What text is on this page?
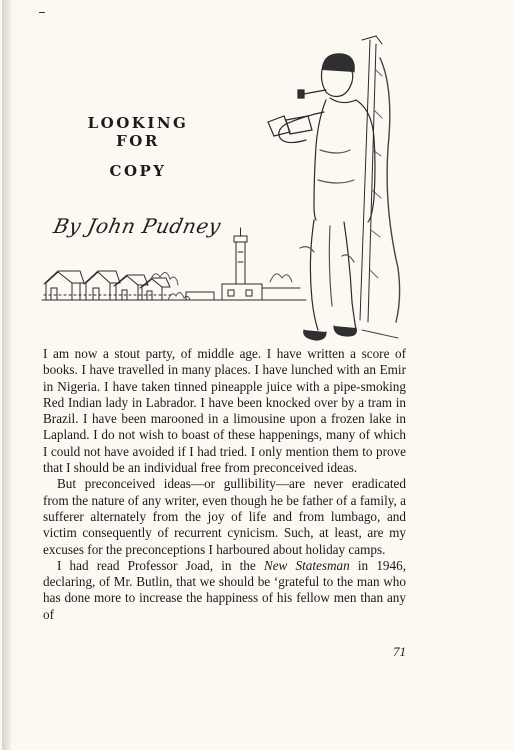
LOOKING FOR
COPY
By John Pudney

I am now a stout party, of middle age. I have written a score of books. I have travelled in many places. I have lunched with an Emir in Nigeria. I have taken tinned pineapple juice with a pipe-smoking Red Indian lady in Labrador. I have been knocked over by a tram in Brazil. I have been marooned in a limousine upon a frozen lake in Lapland. I do not wish to boast of these happenings, many of which I could not have avoided if I had tried. I only mention them to prove that I should be an individual free from preconceived ideas.

But preconceived ideas—or gullibility—are never eradicated from the nature of any writer, even though he be father of a family, a sufferer alternately from the joy of life and from lumbago, and victim consequently of recurrent cynicism. Such, at least, are my excuses for the preconceptions I harboured about holiday camps.

I had read Professor Joad, in the New Statesman in 1946, declaring, of Mr. Butlin, that we should be ‘grateful to the man who has done more to increase the happiness of his fellow men than any of

71
